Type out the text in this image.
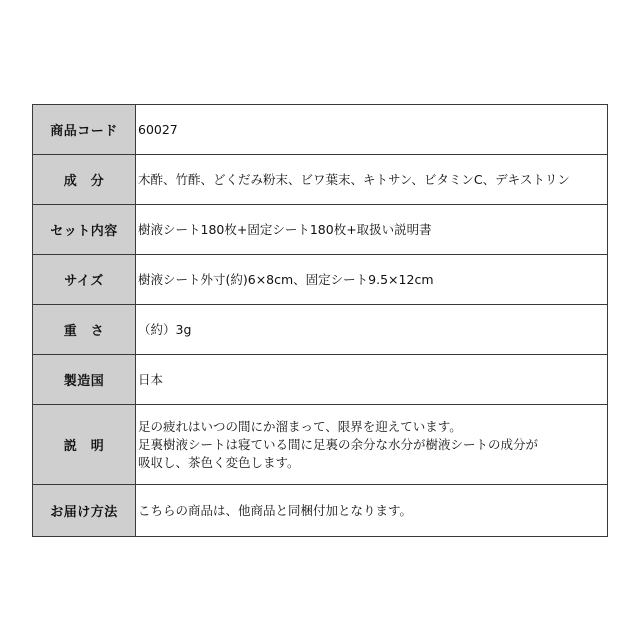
商品コード	60027

成　分	木酢、竹酢、どくだみ粉末、ビワ葉末、キトサン、ビタミンC、デキストリン

セット内容	樹液シート180枚+固定シート180枚+取扱い説明書

サイズ	樹液シート外寸(約)6×8cm、固定シート9.5×12cm

重　さ	（約）3g

製造国	日本

説　明	足の疲れはいつの間にか溜まって、限界を迎えています。
足裏樹液シートは寝ている間に足裏の余分な水分が樹液シートの成分が
吸収し、茶色く変色します。

お届け方法	こちらの商品は、他商品と同梱付加となります。
